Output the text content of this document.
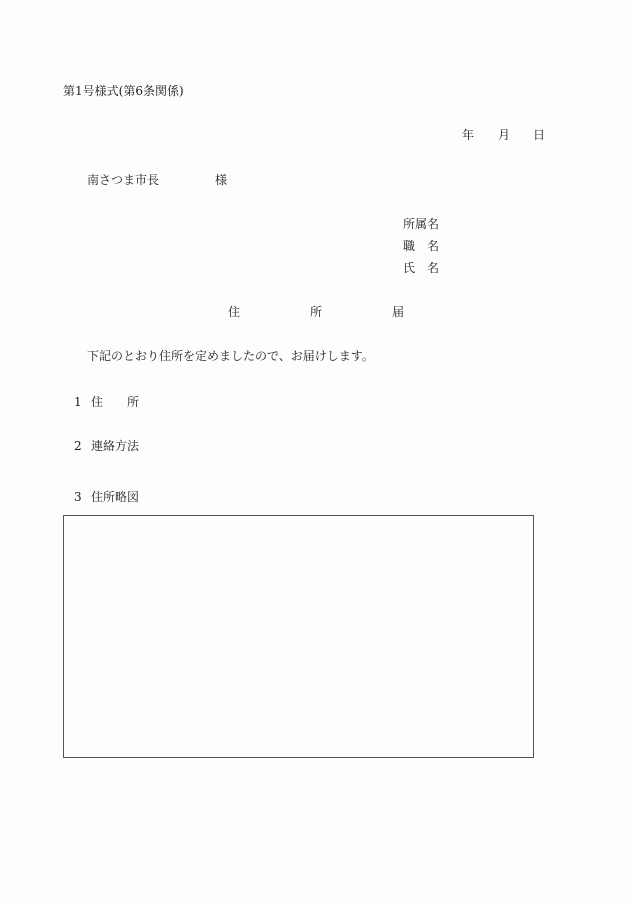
第1号様式(第6条関係)
年 月 日
南さつま市長	様
所属名
職 名
氏 名
住	所	届
下記のとおり住所を定めましたので、お届けします。
1 住 所
2 連絡方法
3 住所略図
